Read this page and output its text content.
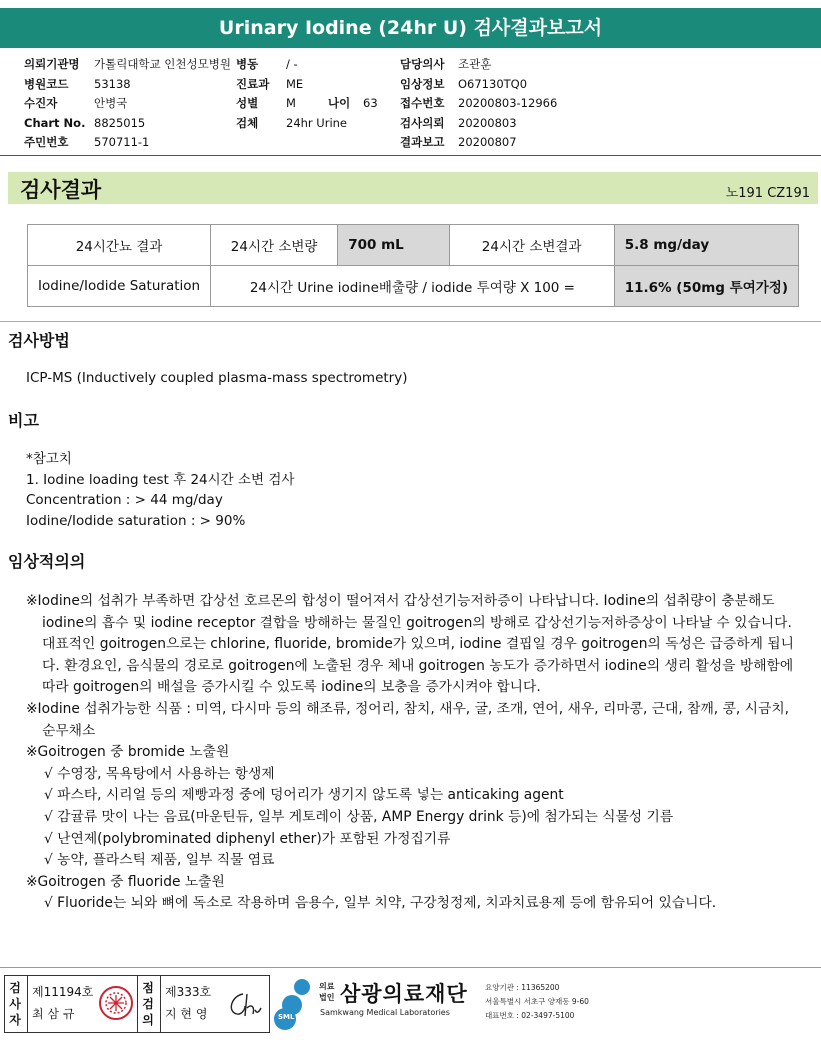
Urinary Iodine (24hr U) 검사결과보고서
의뢰기관명	가톨릭대학교 인천성모병원
병원코드	53138
수진자	안병국
Chart No. 8825015
주민번호	570711-1
병동	/ -
진료과	ME
성별	M	나이	63
검체	24hr Urine
담당의사	조관훈
임상정보	O67130TQ0
접수번호	20200803-12966
검사의뢰	20200803
결과보고	20200807
검사결과	노191 CZ191
24시간뇨 결과	24시간 소변량	700 mL	24시간 소변결과	5.8 mg/day
Iodine/Iodide Saturation	24시간 Urine iodine배출량 / iodide 투여량 X 100 =			11.6% (50mg 투여가정)
검사방법
ICP-MS (Inductively coupled plasma-mass spectrometry)
비고
*참고치
1. Iodine loading test 후 24시간 소변 검사
Concentration : > 44 mg/day
Iodine/Iodide saturation : > 90%
임상적의의
※Iodine의 섭취가 부족하면 갑상선 호르몬의 합성이 떨어져서 갑상선기능저하증이 나타납니다. Iodine의 섭취량이 충분해도 iodine의 흡수 및 iodine receptor 결합을 방해하는 물질인 goitrogen의 방해로 갑상선기능저하증상이 나타날 수 있습니다.
대표적인 goitrogen으로는 chlorine, fluoride, bromide가 있으며, iodine 결핍일 경우 goitrogen의 독성은 급증하게 됩니다. 환경요인, 음식물의 경로로 goitrogen에 노출된 경우 체내 goitrogen 농도가 증가하면서 iodine의 생리 활성을 방해함에 따라 goitrogen의 배설을 증가시킬 수 있도록 iodine의 보충을 증가시켜야 합니다.
※Iodine 섭취가능한 식품 : 미역, 다시마 등의 해조류, 정어리, 참치, 새우, 굴, 조개, 연어, 새우, 리마콩, 근대, 참깨, 콩, 시금치, 순무채소
※Goitrogen 중 bromide 노출원
√ 수영장, 목욕탕에서 사용하는 항생제
√ 파스타, 시리얼 등의 제빵과정 중에 덩어리가 생기지 않도록 넣는 anticaking agent
√ 감귤류 맛이 나는 음료(마운틴듀, 일부 게토레이 상품, AMP Energy drink 등)에 첨가되는 식물성 기름
√ 난연제(polybrominated diphenyl ether)가 포함된 가정집기류
√ 농약, 플라스틱 제품, 일부 직물 염료
※Goitrogen 중 fluoride 노출원
√ Fluoride는 뇌와 뼈에 독소로 작용하며 음용수, 일부 치약, 구강청정제, 치과치료용제 등에 함유되어 있습니다.
검사자
제11194호
최 삼 규
점검의
제333호
지 현 영	SML
의료
법인 삼광의료재단
Samkwang Medical Laboratories
요양기관 : 11365200
서울특별시 서초구 양재동 9-60
대표번호 : 02-3497-5100
